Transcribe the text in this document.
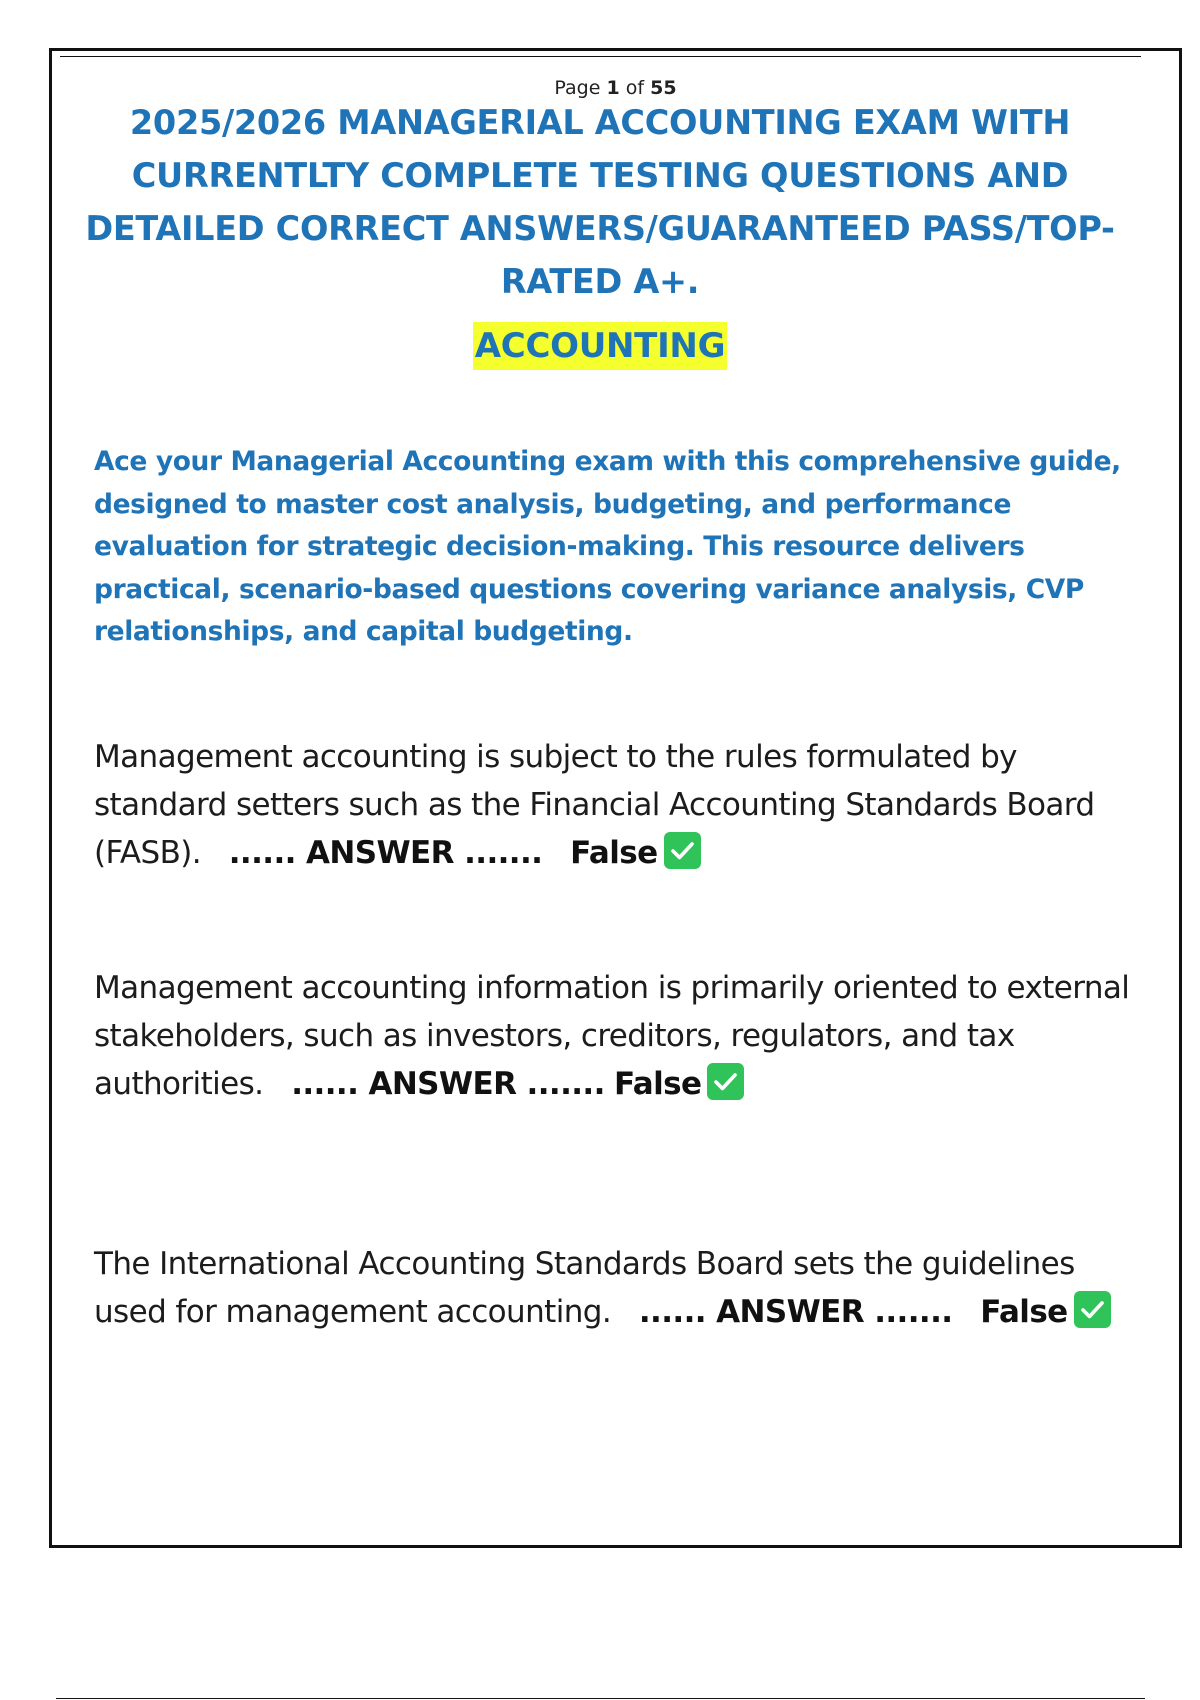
Page 1 of 55
2025/2026 MANAGERIAL ACCOUNTING EXAM WITH CURRENTLTY COMPLETE TESTING QUESTIONS AND DETAILED CORRECT ANSWERS/GUARANTEED PASS/TOP-RATED A+.
ACCOUNTING

Ace your Managerial Accounting exam with this comprehensive guide, designed to master cost analysis, budgeting, and performance evaluation for strategic decision-making. This resource delivers practical, scenario-based questions covering variance analysis, CVP relationships, and capital budgeting.

Management accounting is subject to the rules formulated by standard setters such as the Financial Accounting Standards Board (FASB). ...... ANSWER ....... False

Management accounting information is primarily oriented to external stakeholders, such as investors, creditors, regulators, and tax authorities. ...... ANSWER ....... False

The International Accounting Standards Board sets the guidelines used for management accounting. ...... ANSWER ....... False
